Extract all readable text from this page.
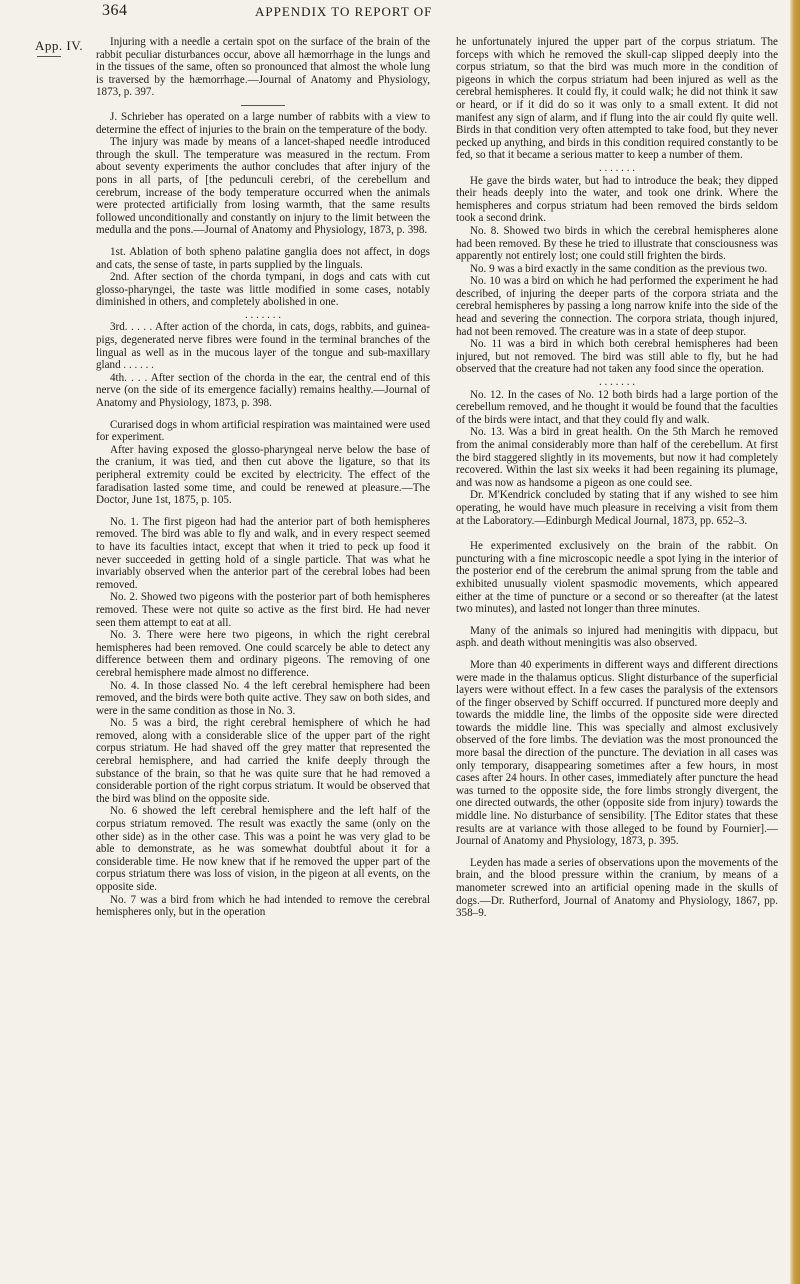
364	APPENDIX TO REPORT OF
App. IV.	Injuring with a needle a certain spot on the surface of the brain of the rabbit peculiar disturbances occur, above all hæmorrhage in the lungs and in the tissues of the same, often so pronounced that almost the whole lung is traversed by the hæmorrhage.—Journal of Anatomy and Physiology, 1873, p. 397.

J. Schrieber has operated on a large number of rabbits with a view to determine the effect of injuries to the brain on the temperature of the body.

The injury was made by means of a lancet-shaped needle introduced through the skull. The temperature was measured in the rectum. From about seventy experiments the author concludes that after injury of the pons in all parts, of [the pedunculi cerebri, of the cerebellum and cerebrum, increase of the body temperature occurred when the animals were protected artificially from losing warmth, that the same results followed unconditionally and constantly on injury to the limit between the medulla and the pons.—Journal of Anatomy and Physiology, 1873, p. 398.

1st. Ablation of both spheno palatine ganglia does not affect, in dogs and cats, the sense of taste, in parts supplied by the linguals.

2nd. After section of the chorda tympani, in dogs and cats with cut glosso-pharyngei, the taste was little modified in some cases, notably diminished in others, and completely abolished in one.

. . . . . . .

3rd. . . . . After action of the chorda, in cats, dogs, rabbits, and guinea-pigs, degenerated nerve fibres were found in the terminal branches of the lingual as well as in the mucous layer of the tongue and sub-maxillary gland . . . . . .

4th. . . . After section of the chorda in the ear, the central end of this nerve (on the side of its emergence facially) remains healthy.—Journal of Anatomy and Physiology, 1873, p. 398.

Curarised dogs in whom artificial respiration was maintained were used for experiment.

After having exposed the glosso-pharyngeal nerve below the base of the cranium, it was tied, and then cut above the ligature, so that its peripheral extremity could be excited by electricity. The effect of the faradisation lasted some time, and could be renewed at pleasure.—The Doctor, June 1st, 1875, p. 105.

No. 1. The first pigeon had had the anterior part of both hemispheres removed. The bird was able to fly and walk, and in every respect seemed to have its faculties intact, except that when it tried to peck up food it never succeeded in getting hold of a single particle. That was what he invariably observed when the anterior part of the cerebral lobes had been removed.

No. 2. Showed two pigeons with the posterior part of both hemispheres removed. These were not quite so active as the first bird. He had never seen them attempt to eat at all.

No. 3. There were here two pigeons, in which the right cerebral hemispheres had been removed. One could scarcely be able to detect any difference between them and ordinary pigeons. The removing of one cerebral hemisphere made almost no difference.

No. 4. In those classed No. 4 the left cerebral hemisphere had been removed, and the birds were both quite active. They saw on both sides, and were in the same condition as those in No. 3.

No. 5 was a bird, the right cerebral hemisphere of which he had removed, along with a considerable slice of the upper part of the right corpus striatum. He had shaved off the grey matter that represented the cerebral hemisphere, and had carried the knife deeply through the substance of the brain, so that he was quite sure that he had removed a considerable portion of the right corpus striatum. It would be observed that the bird was blind on the opposite side.

No. 6 showed the left cerebral hemisphere and the left half of the corpus striatum removed. The result was exactly the same (only on the other side) as in the other case. This was a point he was very glad to be able to demonstrate, as he was somewhat doubtful about it for a considerable time. He now knew that if he removed the upper part of the corpus striatum there was loss of vision, in the pigeon at all events, on the opposite side.

No. 7 was a bird from which he had intended to remove the cerebral hemispheres only, but in the operation

he unfortunately injured the upper part of the corpus striatum. The forceps with which he removed the skull-cap slipped deeply into the corpus striatum, so that the bird was much more in the condition of pigeons in which the corpus striatum had been injured as well as the cerebral hemispheres. It could fly, it could walk; he did not think it saw or heard, or if it did do so it was only to a small extent. It did not manifest any sign of alarm, and if flung into the air could fly quite well. Birds in that condition very often attempted to take food, but they never pecked up anything, and birds in this condition required constantly to be fed, so that it became a serious matter to keep a number of them.

. . . . . . .

He gave the birds water, but had to introduce the beak; they dipped their heads deeply into the water, and took one drink. Where the hemispheres and corpus striatum had been removed the birds seldom took a second drink.

No. 8. Showed two birds in which the cerebral hemispheres alone had been removed. By these he tried to illustrate that consciousness was apparently not entirely lost; one could still frighten the birds.

No. 9 was a bird exactly in the same condition as the previous two.

No. 10 was a bird on which he had performed the experiment he had described, of injuring the deeper parts of the corpora striata and the cerebral hemispheres by passing a long narrow knife into the side of the head and severing the connection. The corpora striata, though injured, had not been removed. The creature was in a state of deep stupor.

No. 11 was a bird in which both cerebral hemispheres had been injured, but not removed. The bird was still able to fly, but he had observed that the creature had not taken any food since the operation.

. . . . . . .

No. 12. In the cases of No. 12 both birds had a large portion of the cerebellum removed, and he thought it would be found that the faculties of the birds were intact, and that they could fly and walk.

No. 13. Was a bird in great health. On the 5th March he removed from the animal considerably more than half of the cerebellum. At first the bird staggered slightly in its movements, but now it had completely recovered. Within the last six weeks it had been regaining its plumage, and was now as handsome a pigeon as one could see.

Dr. M'Kendrick concluded by stating that if any wished to see him operating, he would have much pleasure in receiving a visit from them at the Laboratory.—Edinburgh Medical Journal, 1873, pp. 652–3.

He experimented exclusively on the brain of the rabbit. On puncturing with a fine microscopic needle a spot lying in the interior of the posterior end of the cerebrum the animal sprung from the table and exhibited unusually violent spasmodic movements, which appeared either at the time of puncture or a second or so thereafter (at the latest two minutes), and lasted not longer than three minutes.

Many of the animals so injured had meningitis with dippacu, but asph. and death without meningitis was also observed.

More than 40 experiments in different ways and different directions were made in the thalamus opticus. Slight disturbance of the superficial layers were without effect. In a few cases the paralysis of the extensors of the finger observed by Schiff occurred. If punctured more deeply and towards the middle line, the limbs of the opposite side were directed towards the middle line. This was specially and almost exclusively observed of the fore limbs. The deviation was the most pronounced the more basal the direction of the puncture. The deviation in all cases was only temporary, disappearing sometimes after a few hours, in most cases after 24 hours. In other cases, immediately after puncture the head was turned to the opposite side, the fore limbs strongly divergent, the one directed outwards, the other (opposite side from injury) towards the middle line. No disturbance of sensibility. [The Editor states that these results are at variance with those alleged to be found by Fournier].—Journal of Anatomy and Physiology, 1873, p. 395.

Leyden has made a series of observations upon the movements of the brain, and the blood pressure within the cranium, by means of a manometer screwed into an artificial opening made in the skulls of dogs.—Dr. Rutherford, Journal of Anatomy and Physiology, 1867, pp. 358–9.
